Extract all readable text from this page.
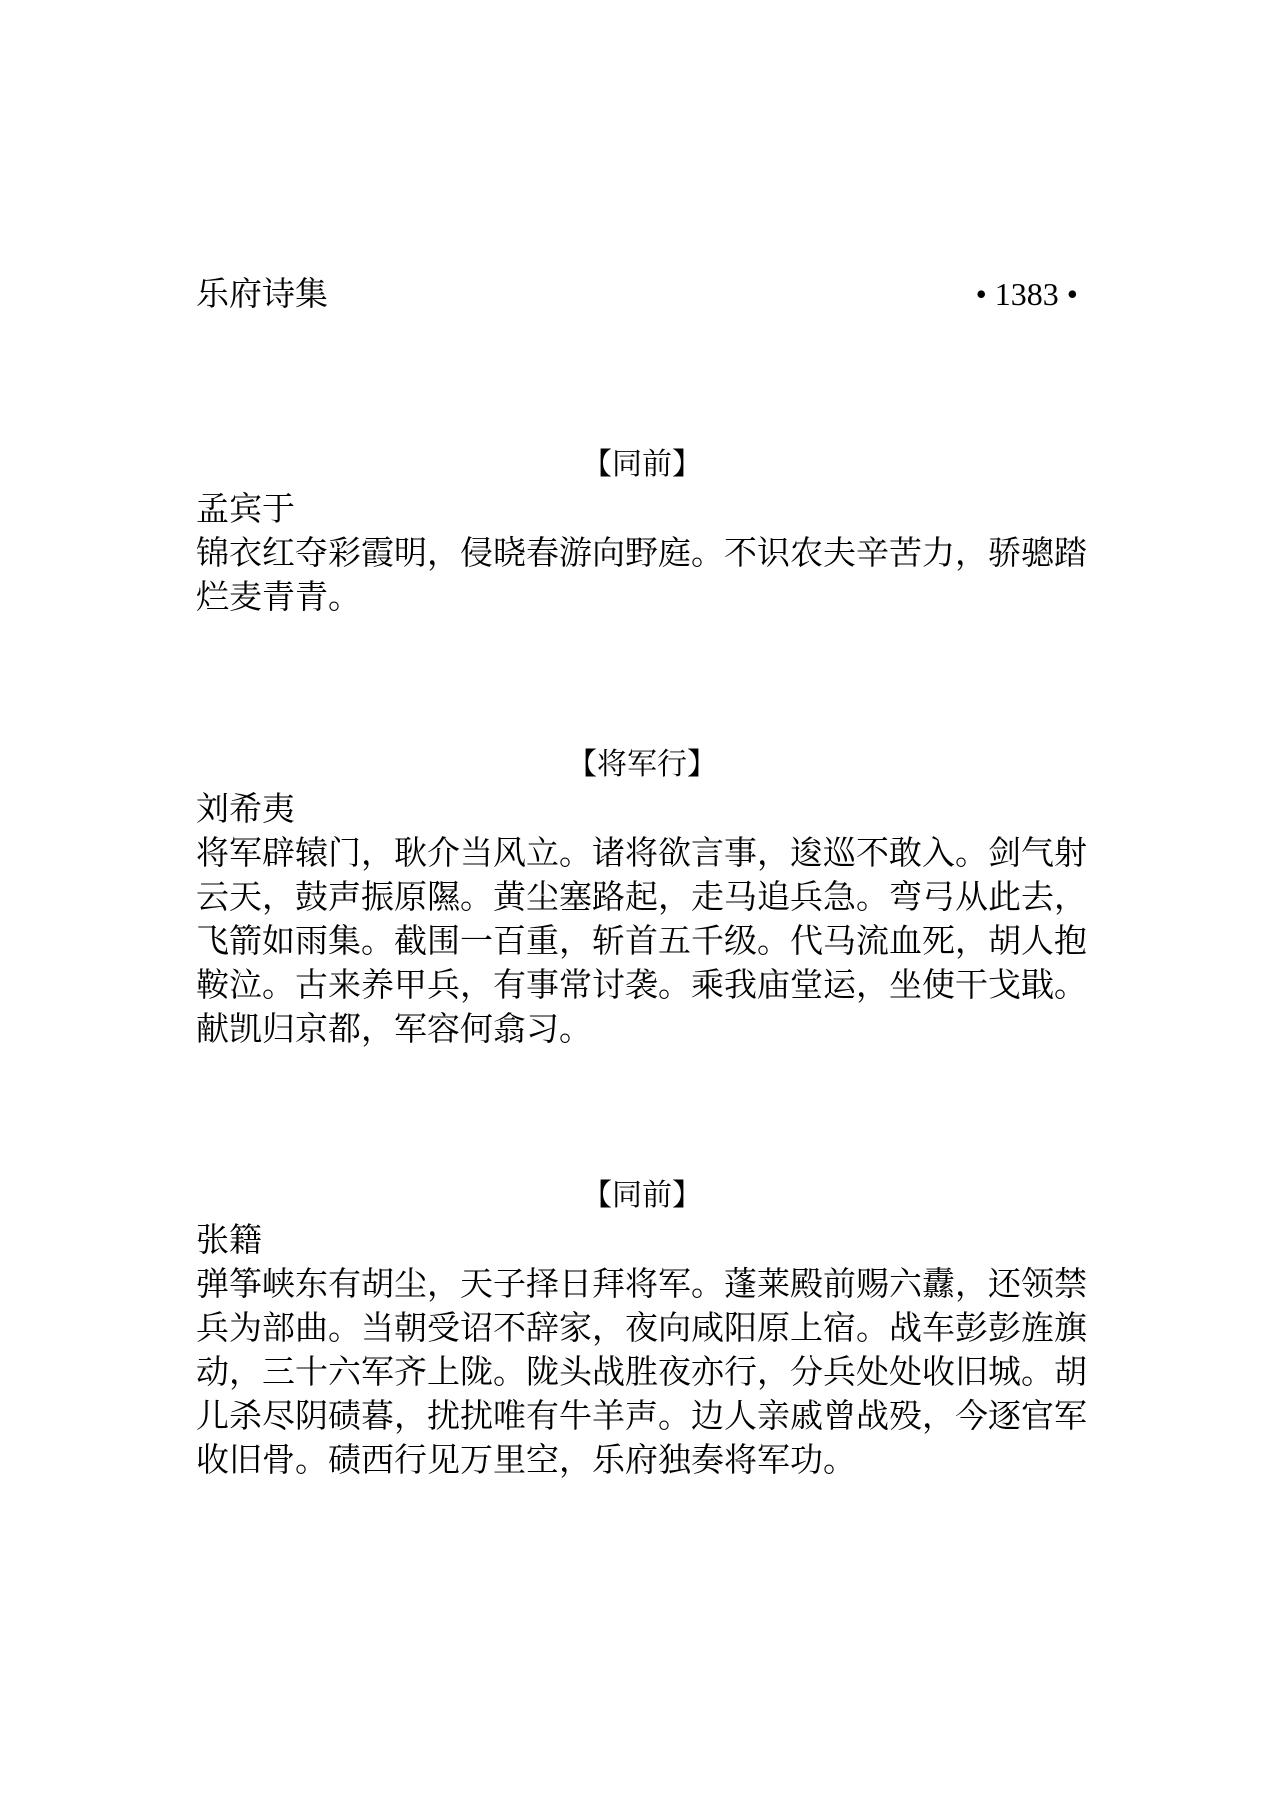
乐府诗集	• 1383 •
【同前】
孟宾于
锦衣红夺彩霞明，侵晓春游向野庭。不识农夫辛苦力，骄骢踏
烂麦青青。
【将军行】
刘希夷
将军辟辕门，耿介当风立。诸将欲言事，逡巡不敢入。剑气射
云天，鼓声振原隰。黄尘塞路起，走马追兵急。弯弓从此去，
飞箭如雨集。截围一百重，斩首五千级。代马流血死，胡人抱
鞍泣。古来养甲兵，有事常讨袭。乘我庙堂运，坐使干戈戢。
献凯归京都，军容何翕习。
【同前】
张籍
弹筝峡东有胡尘，天子择日拜将军。蓬莱殿前赐六纛，还领禁
兵为部曲。当朝受诏不辞家，夜向咸阳原上宿。战车彭彭旌旗
动，三十六军齐上陇。陇头战胜夜亦行，分兵处处收旧城。胡
儿杀尽阴碛暮，扰扰唯有牛羊声。边人亲戚曾战殁，今逐官军
收旧骨。碛西行见万里空，乐府独奏将军功。
